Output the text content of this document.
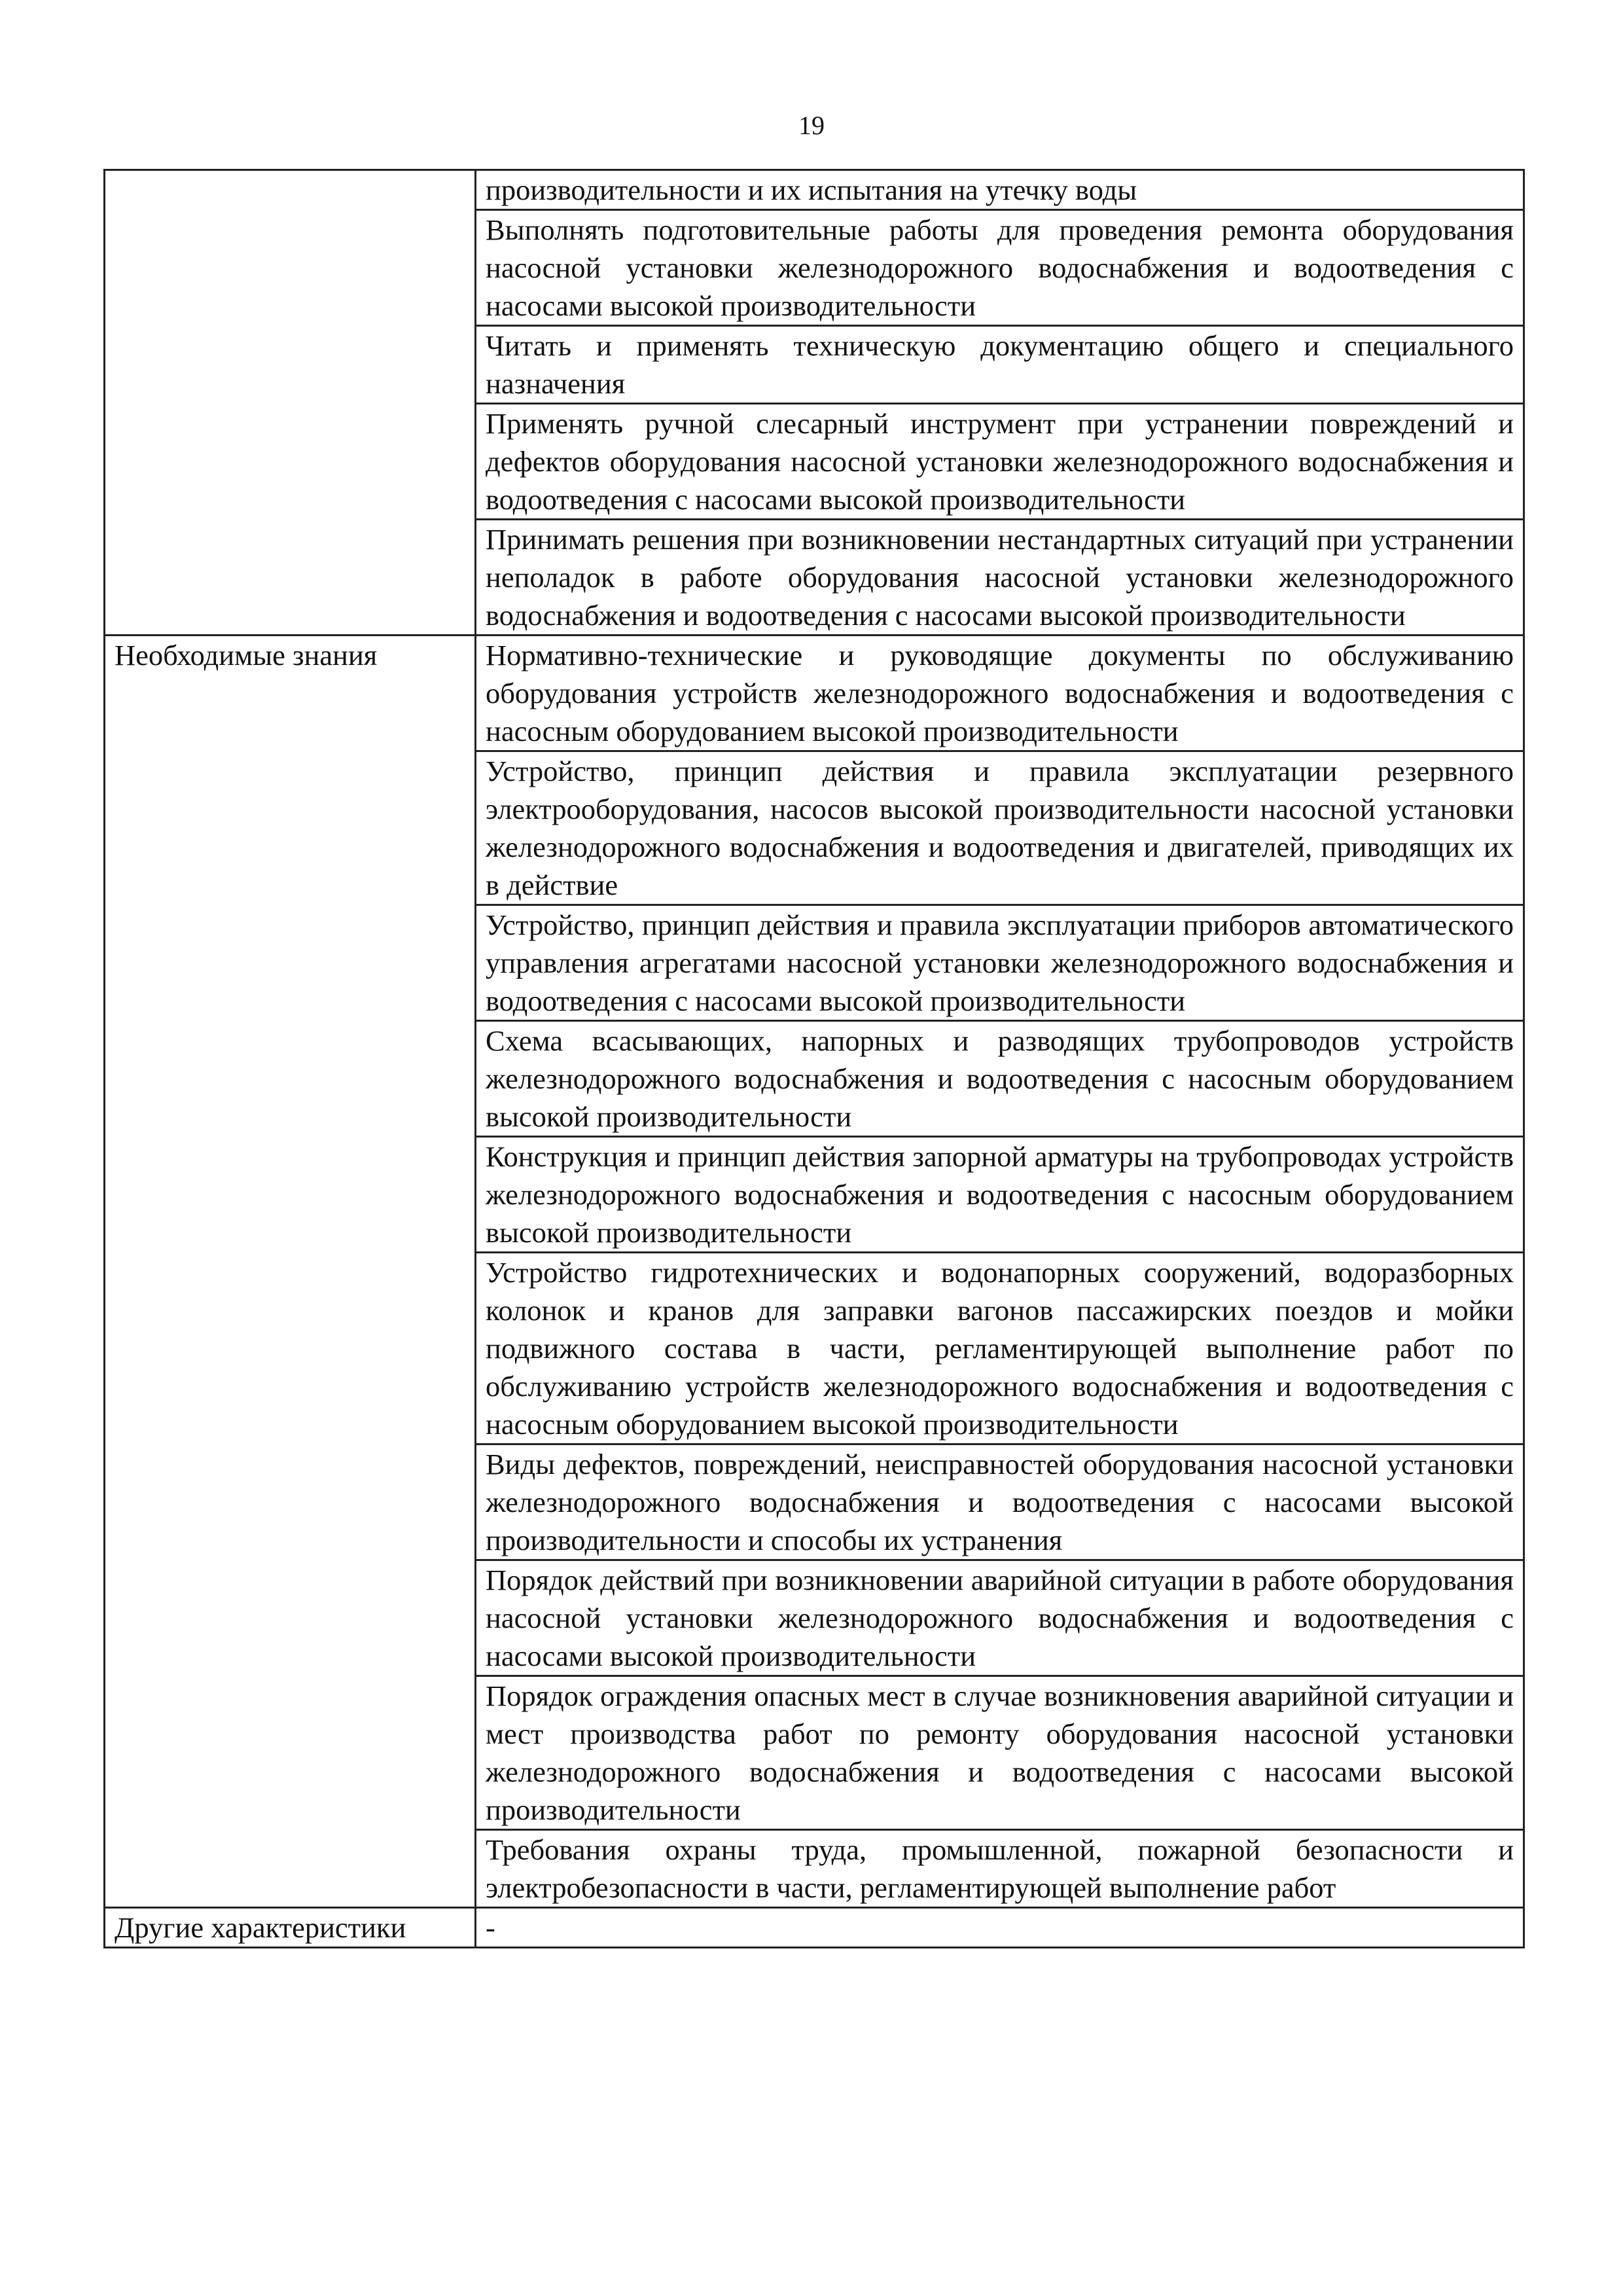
19
	производительности и их испытания на утечку воды
	Выполнять подготовительные работы для проведения ремонта оборудования насосной установки железнодорожного водоснабжения и водоотведения с насосами высокой производительности
	Читать и применять техническую документацию общего и специального назначения
	Применять ручной слесарный инструмент при устранении повреждений и дефектов оборудования насосной установки железнодорожного водоснабжения и водоотведения с насосами высокой производительности
	Принимать решения при возникновении нестандартных ситуаций при устранении неполадок в работе оборудования насосной установки железнодорожного водоснабжения и водоотведения с насосами высокой производительности
Необходимые знания	Нормативно-технические и руководящие документы по обслуживанию оборудования устройств железнодорожного водоснабжения и водоотведения с насосным оборудованием высокой производительности
	Устройство, принцип действия и правила эксплуатации резервного электрооборудования, насосов высокой производительности насосной установки железнодорожного водоснабжения и водоотведения и двигателей, приводящих их в действие
	Устройство, принцип действия и правила эксплуатации приборов автоматического управления агрегатами насосной установки железнодорожного водоснабжения и водоотведения с насосами высокой производительности
	Схема всасывающих, напорных и разводящих трубопроводов устройств железнодорожного водоснабжения и водоотведения с насосным оборудованием высокой производительности
	Конструкция и принцип действия запорной арматуры на трубопроводах устройств железнодорожного водоснабжения и водоотведения с насосным оборудованием высокой производительности
	Устройство гидротехнических и водонапорных сооружений, водоразборных колонок и кранов для заправки вагонов пассажирских поездов и мойки подвижного состава в части, регламентирующей выполнение работ по обслуживанию устройств железнодорожного водоснабжения и водоотведения с насосным оборудованием высокой производительности
	Виды дефектов, повреждений, неисправностей оборудования насосной установки железнодорожного водоснабжения и водоотведения с насосами высокой производительности и способы их устранения
	Порядок действий при возникновении аварийной ситуации в работе оборудования насосной установки железнодорожного водоснабжения и водоотведения с насосами высокой производительности
	Порядок ограждения опасных мест в случае возникновения аварийной ситуации и мест производства работ по ремонту оборудования насосной установки железнодорожного водоснабжения и водоотведения с насосами высокой производительности
	Требования охраны труда, промышленной, пожарной безопасности и электробезопасности в части, регламентирующей выполнение работ
Другие характеристики	-
